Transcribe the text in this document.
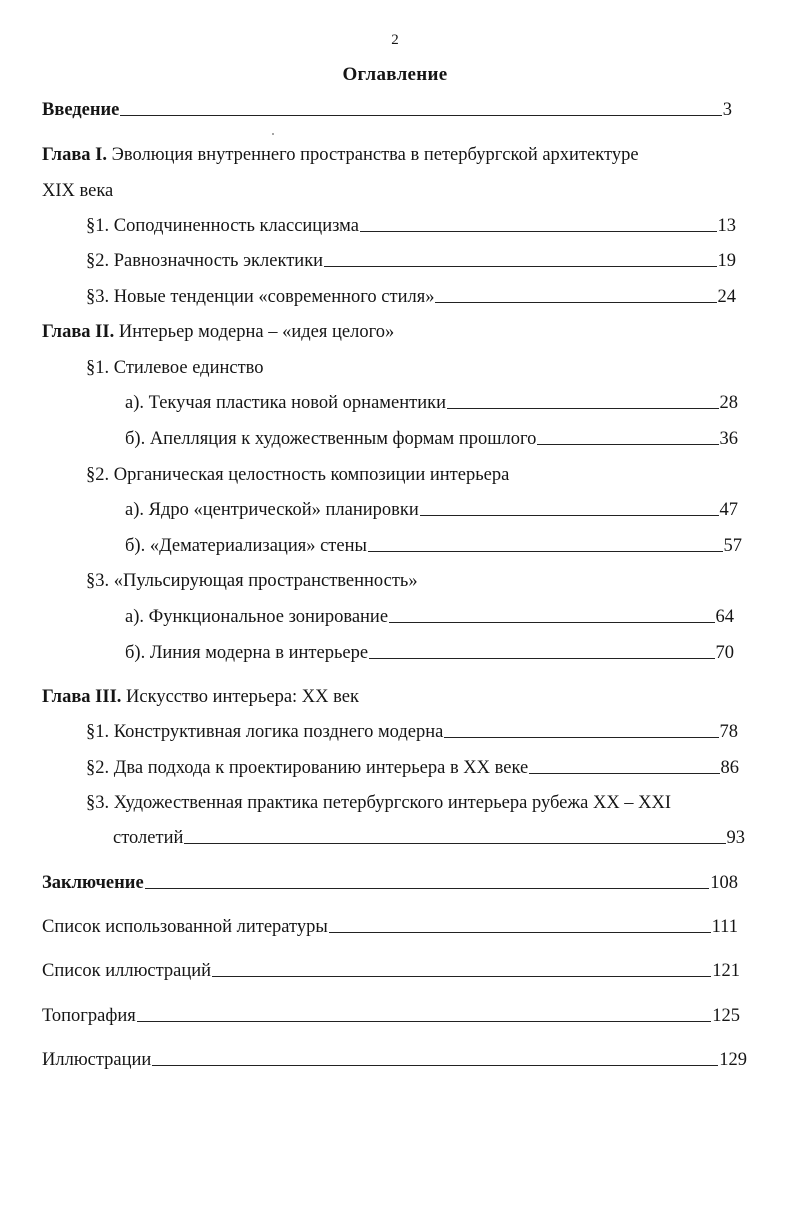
2
Оглавление
Введение	3
Глава I. Эволюция внутреннего пространства в петербургской архитектуре
XIX века
§1. Соподчиненность классицизма	13
§2. Равнозначность эклектики	19
§3. Новые тенденции «современного стиля»	24
Глава II. Интерьер модерна – «идея целого»
§1. Стилевое единство
а). Текучая пластика новой орнаментики	28
б). Апелляция к художественным формам прошлого	36
§2. Органическая целостность композиции интерьера
а). Ядро «центрической» планировки	47
б). «Дематериализация» стены	57
§3. «Пульсирующая пространственность»
а). Функциональное зонирование	64
б). Линия модерна в интерьере	70
Глава III. Искусство интерьера: XX век
§1. Конструктивная логика позднего модерна	78
§2. Два подхода к проектированию интерьера в XX веке	86
§3. Художественная практика петербургского интерьера рубежа XX – XXI
столетий	93
Заключение	108
Список использованной литературы	111
Список иллюстраций	121
Топография	125
Иллюстрации	129
